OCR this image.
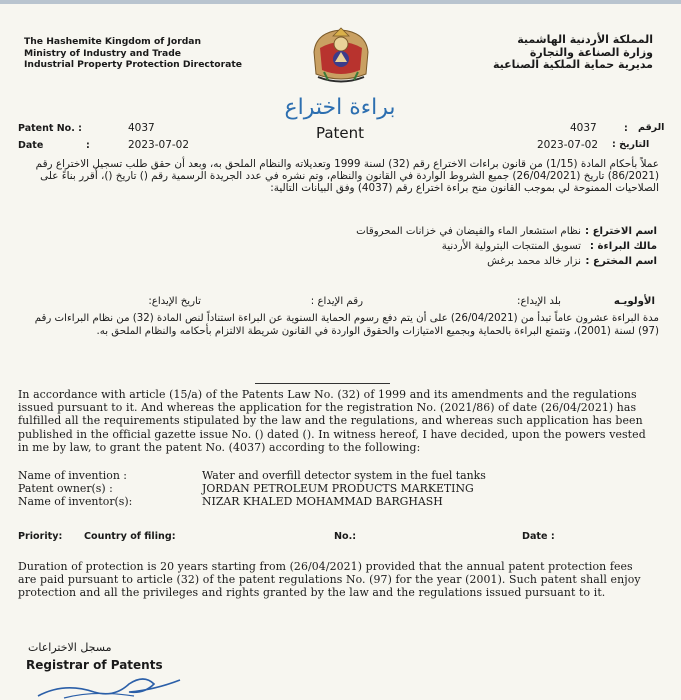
The Hashemite Kingdom of Jordan
Ministry of Industry and Trade
Industrial Property Protection Directorate
المملكة الأردنية الهاشمية
وزارة الصناعة والتجارة
مديرية حماية الملكية الصناعية
براءة اختراع
Patent
Patent No. :	4037
Date	:	2023-07-02
4037	: الرقم
2023-07-02 التاريخ :
عملاً بأحكام المادة (1/15) من قانون براءات الاختراع رقم (32) لسنة 1999 وتعديلاته والنظام الملحق به، وبعد أن حقق طلب تسجيل الاختراع رقم (86/2021) تاريخ (26/04/2021) جميع الشروط الواردة في القانون والنظام، وتم نشره في عدد الجريدة الرسمية رقم () تاريخ ()، أقرر بناءً على الصلاحيات الممنوحة لي بموجب القانون منح براءة اختراع رقم (4037) وفق البيانات التالية:
اسم الاختراع :
نظام استشعار الماء والفيضان في خزانات المحروقات
مالك البراءة :
تسويق المنتجات البترولية الأردنية
اسم المخترع :
نزار خالد محمد برغش
الأولويـه
بلد الإيداع:
رقم الإيداع :
تاريخ الإيداع:
مدة البراءة عشرون عاماً تبدأ من (26/04/2021) على أن يتم دفع رسوم الحماية السنوية عن البراءة استناداً لنص المادة (32) من نظام البراءات رقم (97) لسنة (2001)، وتتمتع البراءة بالحماية وبجميع الامتيازات والحقوق الواردة في القانون شريطة الالتزام بأحكامه والنظام الملحق به.
In accordance with article (15/a) of the Patents Law No. (32) of 1999 and its amendments and the regulations issued pursuant to it. And whereas the application for the registration No. (2021/86) of date (26/04/2021) has fulfilled all the requirements stipulated by the law and the regulations, and whereas such application has been published in the official gazette issue No. () dated (). In witness hereof, I have decided, upon the powers vested in me by law, to grant the patent No. (4037) according to the following:
Name of invention :	Water and overfill detector system in the fuel tanks
Patent owner(s) :	JORDAN PETROLEUM PRODUCTS MARKETING
Name of inventor(s):	NIZAR KHALED MOHAMMAD BARGHASH
Priority: Country of filing:	No.:	Date :
Duration of protection is 20 years starting from (26/04/2021) provided that the annual patent protection fees are paid pursuant to article (32) of the patent regulations No. (97) for the year (2001). Such patent shall enjoy protection and all the privileges and rights granted by the law and the regulations issued pursuant to it.
مسجل الاختراعات
Registrar of Patents
